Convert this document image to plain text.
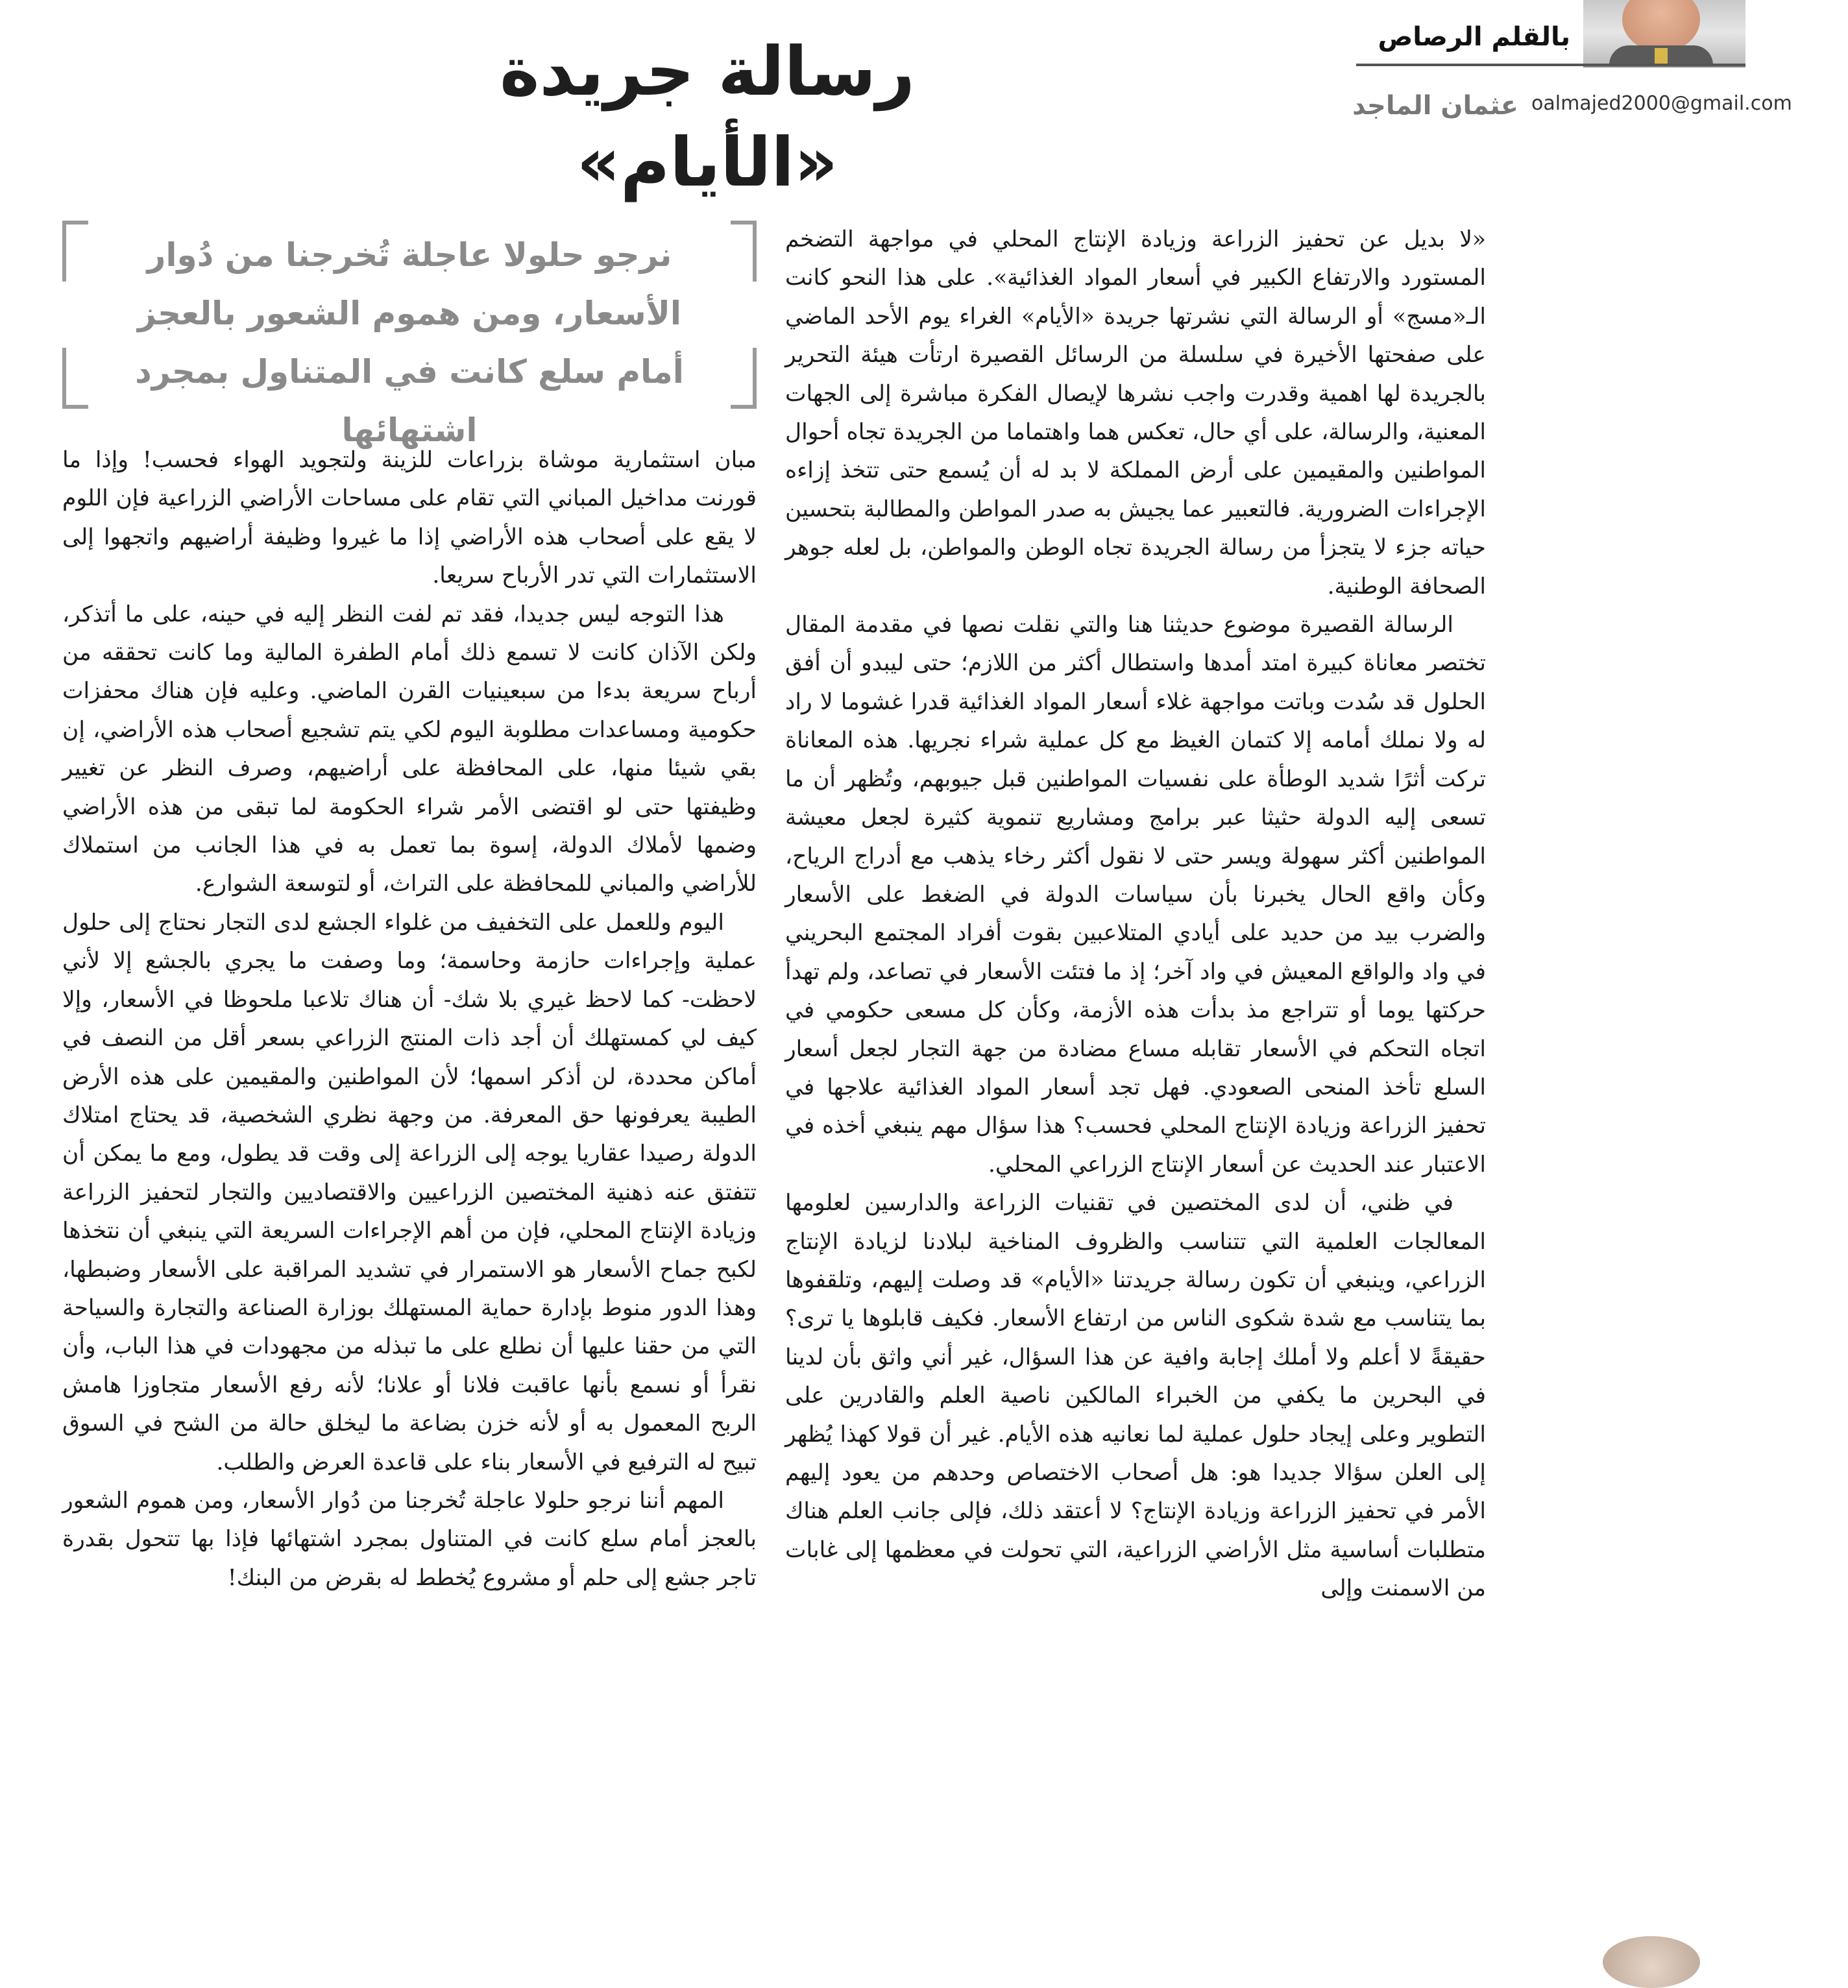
بالقلم الرصاص
عثمان الماجد oalmajed2000@gmail.com
رسالة جريدة «الأيام»
نرجو حلولا عاجلة تُخرجنا من دُوار الأسعار، ومن هموم الشعور بالعجز أمام سلع كانت في المتناول بمجرد اشتهائها

«لا بديل عن تحفيز الزراعة وزيادة الإنتاج المحلي في مواجهة التضخم المستورد والارتفاع الكبير في أسعار المواد الغذائية». على هذا النحو كانت الـ«مسج» أو الرسالة التي نشرتها جريدة «الأيام» الغراء يوم الأحد الماضي على صفحتها الأخيرة في سلسلة من الرسائل القصيرة ارتأت هيئة التحرير بالجريدة لها اهمية وقدرت واجب نشرها لإيصال الفكرة مباشرة إلى الجهات المعنية، والرسالة، على أي حال، تعكس هما واهتماما من الجريدة تجاه أحوال المواطنين والمقيمين على أرض المملكة لا بد له أن يُسمع حتى تتخذ إزاءه الإجراءات الضرورية. فالتعبير عما يجيش به صدر المواطن والمطالبة بتحسين حياته جزء لا يتجزأ من رسالة الجريدة تجاه الوطن والمواطن، بل لعله جوهر الصحافة الوطنية.

الرسالة القصيرة موضوع حديثنا هنا والتي نقلت نصها في مقدمة المقال تختصر معاناة كبيرة امتد أمدها واستطال أكثر من اللازم؛ حتى ليبدو أن أفق الحلول قد سُدت وباتت مواجهة غلاء أسعار المواد الغذائية قدرا غشوما لا راد له ولا نملك أمامه إلا كتمان الغيظ مع كل عملية شراء نجريها. هذه المعاناة تركت أثرًا شديد الوطأة على نفسيات المواطنين قبل جيوبهم، وتُظهر أن ما تسعى إليه الدولة حثيثا عبر برامج ومشاريع تنموية كثيرة لجعل معيشة المواطنين أكثر سهولة ويسر حتى لا نقول أكثر رخاء يذهب مع أدراج الرياح، وكأن واقع الحال يخبرنا بأن سياسات الدولة في الضغط على الأسعار والضرب بيد من حديد على أيادي المتلاعبين بقوت أفراد المجتمع البحريني في واد والواقع المعيش في واد آخر؛ إذ ما فتئت الأسعار في تصاعد، ولم تهدأ حركتها يوما أو تتراجع مذ بدأت هذه الأزمة، وكأن كل مسعى حكومي في اتجاه التحكم في الأسعار تقابله مساع مضادة من جهة التجار لجعل أسعار السلع تأخذ المنحى الصعودي. فهل تجد أسعار المواد الغذائية علاجها في تحفيز الزراعة وزيادة الإنتاج المحلي فحسب؟ هذا سؤال مهم ينبغي أخذه في الاعتبار عند الحديث عن أسعار الإنتاج الزراعي المحلي.

في ظني، أن لدى المختصين في تقنيات الزراعة والدارسين لعلومها المعالجات العلمية التي تتناسب والظروف المناخية لبلادنا لزيادة الإنتاج الزراعي، وينبغي أن تكون رسالة جريدتنا «الأيام» قد وصلت إليهم، وتلقفوها بما يتناسب مع شدة شكوى الناس من ارتفاع الأسعار. فكيف قابلوها يا ترى؟ حقيقةً لا أعلم ولا أملك إجابة وافية عن هذا السؤال، غير أني واثق بأن لدينا في البحرين ما يكفي من الخبراء المالكين ناصية العلم والقادرين على التطوير وعلى إيجاد حلول عملية لما نعانيه هذه الأيام. غير أن قولا كهذا يُظهر إلى العلن سؤالا جديدا هو: هل أصحاب الاختصاص وحدهم من يعود إليهم الأمر في تحفيز الزراعة وزيادة الإنتاج؟ لا أعتقد ذلك، فإلى جانب العلم هناك متطلبات أساسية مثل الأراضي الزراعية، التي تحولت في معظمها إلى غابات من الاسمنت وإلى

مبان استثمارية موشاة بزراعات للزينة ولتجويد الهواء فحسب! وإذا ما قورنت مداخيل المباني التي تقام على مساحات الأراضي الزراعية فإن اللوم لا يقع على أصحاب هذه الأراضي إذا ما غيروا وظيفة أراضيهم واتجهوا إلى الاستثمارات التي تدر الأرباح سريعا.

هذا التوجه ليس جديدا، فقد تم لفت النظر إليه في حينه، على ما أتذكر، ولكن الآذان كانت لا تسمع ذلك أمام الطفرة المالية وما كانت تحققه من أرباح سريعة بدءا من سبعينيات القرن الماضي. وعليه فإن هناك محفزات حكومية ومساعدات مطلوبة اليوم لكي يتم تشجيع أصحاب هذه الأراضي، إن بقي شيئا منها، على المحافظة على أراضيهم، وصرف النظر عن تغيير وظيفتها حتى لو اقتضى الأمر شراء الحكومة لما تبقى من هذه الأراضي وضمها لأملاك الدولة، إسوة بما تعمل به في هذا الجانب من استملاك للأراضي والمباني للمحافظة على التراث، أو لتوسعة الشوارع.

اليوم وللعمل على التخفيف من غلواء الجشع لدى التجار نحتاج إلى حلول عملية وإجراءات حازمة وحاسمة؛ وما وصفت ما يجري بالجشع إلا لأني لاحظت- كما لاحظ غيري بلا شك- أن هناك تلاعبا ملحوظا في الأسعار، وإلا كيف لي كمستهلك أن أجد ذات المنتج الزراعي بسعر أقل من النصف في أماكن محددة، لن أذكر اسمها؛ لأن المواطنين والمقيمين على هذه الأرض الطيبة يعرفونها حق المعرفة. من وجهة نظري الشخصية، قد يحتاج امتلاك الدولة رصيدا عقاريا يوجه إلى الزراعة إلى وقت قد يطول، ومع ما يمكن أن تتفتق عنه ذهنية المختصين الزراعيين والاقتصاديين والتجار لتحفيز الزراعة وزيادة الإنتاج المحلي، فإن من أهم الإجراءات السريعة التي ينبغي أن نتخذها لكبح جماح الأسعار هو الاستمرار في تشديد المراقبة على الأسعار وضبطها، وهذا الدور منوط بإدارة حماية المستهلك بوزارة الصناعة والتجارة والسياحة التي من حقنا عليها أن نطلع على ما تبذله من مجهودات في هذا الباب، وأن نقرأ أو نسمع بأنها عاقبت فلانا أو علانا؛ لأنه رفع الأسعار متجاوزا هامش الربح المعمول به أو لأنه خزن بضاعة ما ليخلق حالة من الشح في السوق تبيح له الترفيع في الأسعار بناء على قاعدة العرض والطلب.

المهم أننا نرجو حلولا عاجلة تُخرجنا من دُوار الأسعار، ومن هموم الشعور بالعجز أمام سلع كانت في المتناول بمجرد اشتهائها فإذا بها تتحول بقدرة تاجر جشع إلى حلم أو مشروع يُخطط له بقرض من البنك!
